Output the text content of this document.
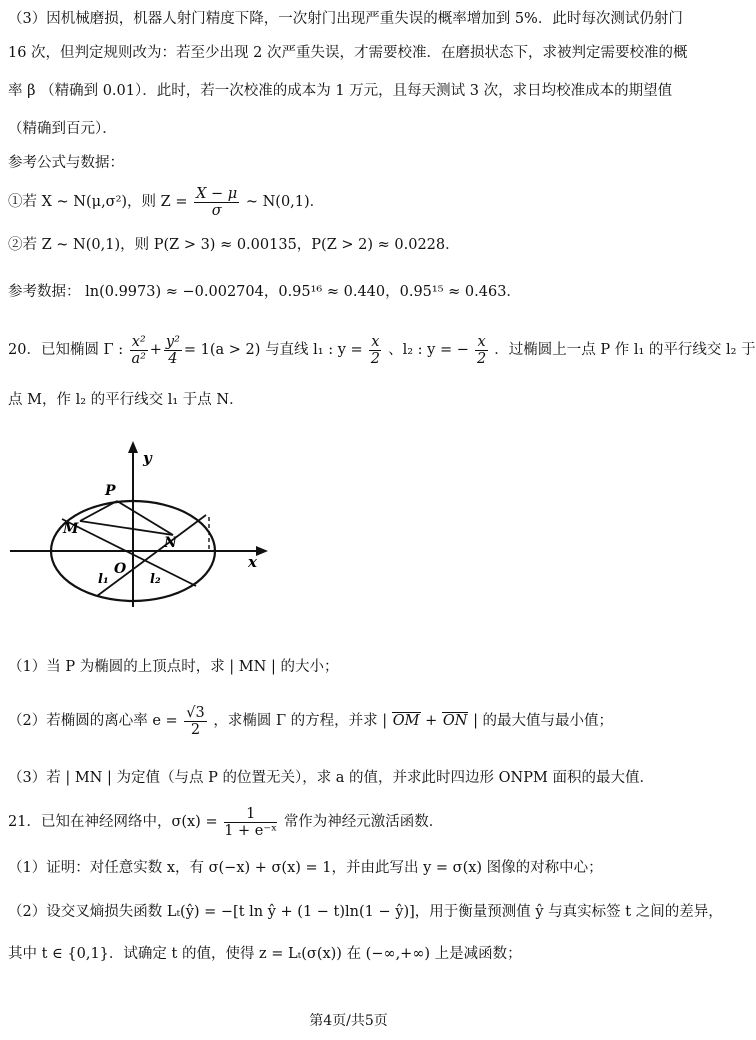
（3）因机械磨损，机器人射门精度下降，一次射门出现严重失误的概率增加到 5%．此时每次测试仍射门
16 次，但判定规则改为：若至少出现 2 次严重失误，才需要校准．在磨损状态下，求被判定需要校准的概
率 β （精确到 0.01）．此时，若一次校准的成本为 1 万元，且每天测试 3 次，求日均校准成本的期望值
（精确到百元）．
参考公式与数据：
①若 X ~ N(μ,σ²)，则 $Z = \frac{X - \mu}{\sigma}$ ~ N(0,1)．
②若 Z ~ N(0,1)，则 P(Z > 3) ≈ 0.00135，P(Z > 2) ≈ 0.0228．
参考数据： ln(0.9973) ≈ −0.002704，0.95¹⁶ ≈ 0.440，0.95¹⁵ ≈ 0.463．
20．已知椭圆 Γ : $\frac{\text{x²}}{\text{a²}} + \frac{\text{y²}}{4} = 1(a > 2)$ 与直线 l₁ : $y = \frac{x}{2}$ 、l₂ : y = − $\frac{x}{2}$ ．过椭圆上一点 P 作 l₁ 的平行线交 l₂ 于
点 M，作 l₂ 的平行线交 l₁ 于点 N．
y
x
P
M
N
O
l₁	l₂
（1）当 P 为椭圆的上顶点时，求 | MN | 的大小；
（2）若椭圆的离心率 $e = \frac{√3}{2}$ ，求椭圆 Γ 的方程，并求 | OM + ON | 的最大值与最小值；
（3）若 | MN | 为定值（与点 P 的位置无关），求 a 的值，并求此时四边形 ONPM 面积的最大值．
21．已知在神经网络中，$\sigma(x) = \frac{1}{\text{1 + e⁻ˣ}}$ 常作为神经元激活函数．
（1）证明：对任意实数 x，有 σ(−x) + σ(x) = 1，并由此写出 y = σ(x) 图像的对称中心；
（2）设交叉熵损失函数 Lₜ(ŷ) = −[t ln ŷ + (1 − t)ln(1 − ŷ)]，用于衡量预测值 ŷ 与真实标签 t 之间的差异，
其中 t ∈ {0,1}．试确定 t 的值，使得 z = Lₜ(σ(x)) 在 (−∞,+∞) 上是减函数；
第4页/共5页
